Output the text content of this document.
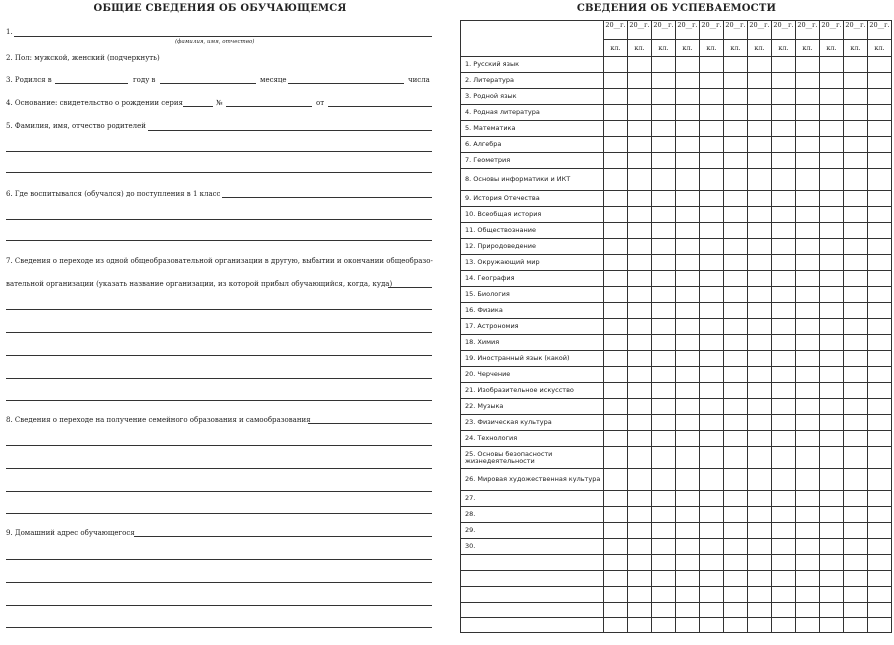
ОБЩИЕ СВЕДЕНИЯ ОБ ОБУЧАЮЩЕМСЯ
1.
(фамилия, имя, отчество)
2. Пол: мужской, женский (подчеркнуть)
3. Родился в	году в	месяце	числа
4. Основание: свидетельство о рождении серия	№	от
5. Фамилия, имя, отчество родителей
6. Где воспитывался (обучался) до поступления в 1 класс
7. Сведения о переходе из одной общеобразовательной организации в другую, выбытии и окончании общеобразо-
вательной организации (указать название организации, из которой прибыл обучающийся, когда, куда)
8. Сведения о переходе на получение семейного образования и самообразования
9. Домашний адрес обучающегося
СВЕДЕНИЯ ОБ УСПЕВАЕМОСТИ
	20__г.	20__г.	20__г.	20__г.	20__г.	20__г.	20__г.	20__г.	20__г.	20__г.	20__г.	20__г.
	кл.	кл.	кл.	кл.	кл.	кл.	кл.	кл.	кл.	кл.	кл.	кл.
1. Русский язык												
2. Литература												
3. Родной язык												
4. Родная литература												
5. Математика												
6. Алгебра												
7. Геометрия												
8. Основы информатики и ИКТ												
9. История Отечества												
10. Всеобщая история												
11. Обществознание												
12. Природоведение												
13. Окружающий мир												
14. География												
15. Биология												
16. Физика												
17. Астрономия												
18. Химия												
19. Иностранный язык (какой)												
20. Черчение												
21. Изобразительное искусство												
22. Музыка												
23. Физическая культура												
24. Технология												
25. Основы безопасности жизнедеятельности												
26. Мировая художественная культура												
27.												
28.												
29.												
30.												
